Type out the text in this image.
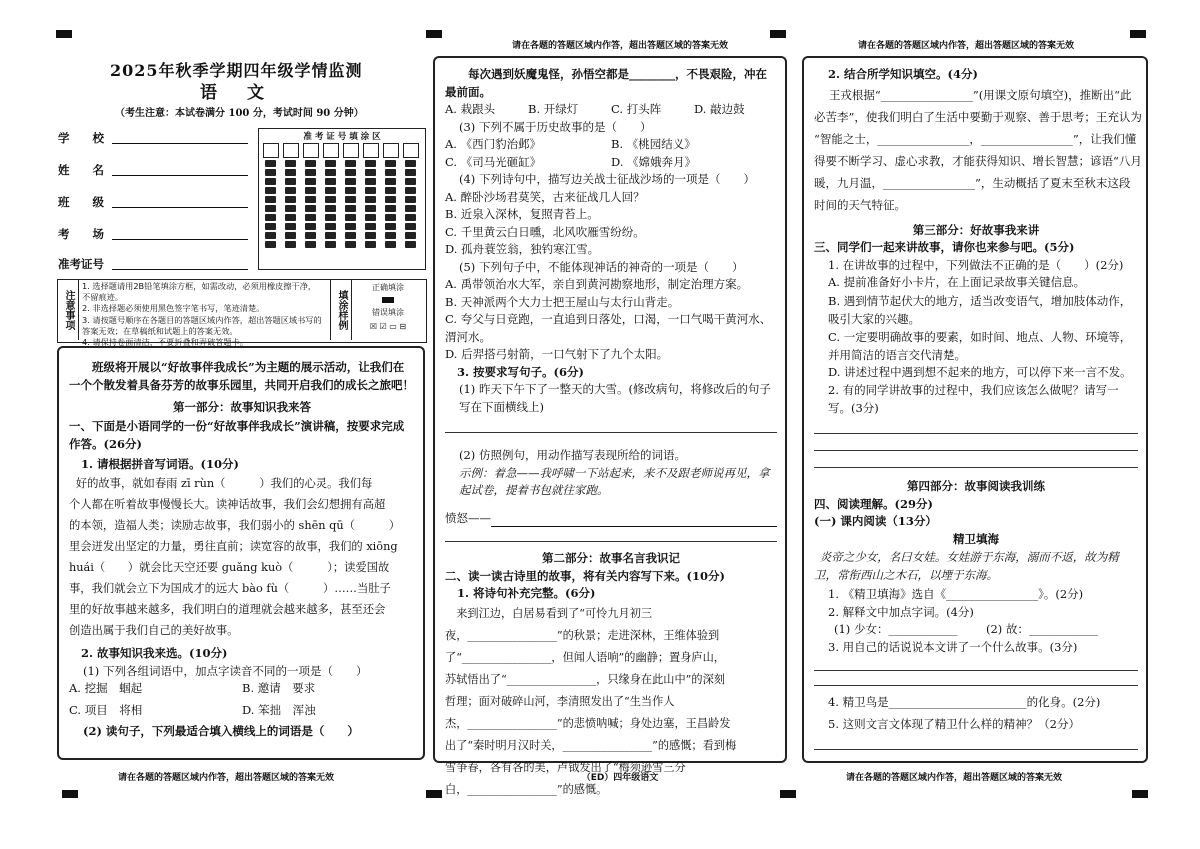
请在各题的答题区域内作答，超出答题区域的答案无效	请在各题的答题区域内作答，超出答题区域的答案无效
2025年秋季学期四年级学情监测
语文
（考生注意：本试卷满分 100 分，考试时间 90 分钟）
学　　校
姓　　名
班　　级
考　　场
准考证号
准 考 证 号 填 涂 区
注意事项
1. 选择题请用2B铅笔填涂方框，如需改动，必须用橡皮擦干净，不留痕迹。
2. 非选择题必须使用黑色签字笔书写，笔迹清楚。
3. 请按题号顺序在各题目的答题区域内作答，超出答题区域书写的答案无效；在草稿纸和试题上的答案无效。
4. 请保持卷面清洁，不要折叠和弄破答题卡。
填涂样例
正确填涂
错误填涂
☒ ☑ ▭ ⊟

班级将开展以“好故事伴我成长”为主题的展示活动，让我们在一个个散发着具备芬芳的故事乐园里，共同开启我们的成长之旅吧！

第一部分：故事知识我来答

一、下面是小语同学的一份“好故事伴我成长”演讲稿，按要求完成作答。(26分)

1. 请根据拼音写词语。(10分)

好的故事，就如春雨 zī rùn（　　　）我们的心灵。我们每

个人都在听着故事慢慢长大。读神话故事，我们会幻想拥有高超

的本领，造福人类；读励志故事，我们弱小的 shēn qū（　　　）

里会迸发出坚定的力量，勇往直前；读宽容的故事，我们的 xiōng

huái（　　）就会比天空还要 guǎng kuò（　　　）；读爱国故

事，我们就会立下为国成才的远大 bào fù（　　　）……当肚子

里的好故事越来越多，我们明白的道理就会越来越多，甚至还会

创造出属于我们自己的美好故事。

2. 故事知识我来选。(10分)

(1) 下列各组词语中，加点字读音不同的一项是（　　）

A. 挖掘　蝈起	B. 邀请　要求
C. 项目　将相	D. 笨拙　浑浊

(2) 读句子，下列最适合填入横线上的词语是（　　）

请在各题的答题区域内作答，超出答题区域的答案无效

每次遇到妖魔鬼怪，孙悟空都是________，不畏艰险，冲在最前面。

A. 栽跟头	B. 开绿灯	C. 打头阵	D. 敲边鼓

(3) 下列不属于历史故事的是（　　）

A. 《西门豹治邺》	B. 《桃园结义》
C. 《司马光砸缸》	D. 《嫦娥奔月》

(4) 下列诗句中，描写边关战士征战沙场的一项是（　　）

A. 醉卧沙场君莫笑，古来征战几人回？

B. 近泉入深林，复照青苔上。

C. 千里黄云白日曛，北风吹雁雪纷纷。

D. 孤舟蓑笠翁，独钓寒江雪。

(5) 下列句子中，不能体现神话的神奇的一项是（　　）

A. 禹带领治水大军，亲自到黄河勘察地形，制定治理方案。

B. 天神派两个大力士把王屋山与太行山背走。

C. 夸父与日竞跑，一直追到日落处，口渴，一口气喝干黄河水、渭河水。

D. 后羿搭弓射箭，一口气射下了九个太阳。

3. 按要求写句子。(6分)

(1) 昨天下午下了一整天的大雪。(修改病句，将修改后的句子写在下面横线上)

(2) 仿照例句，用动作描写表现所给的词语。

示例：着急——我呼啸一下站起来，来不及跟老师说再见，拿起试卷，提着书包就往家跑。

愤怒——

第二部分：故事名言我识记

二、读一读古诗里的故事，将有关内容写下来。(10分)

1. 将诗句补充完整。(6分)

来到江边，白居易看到了“可怜九月初三

夜，________________”的秋景；走进深林，王维体验到

了“________________，但闻人语响”的幽静；置身庐山，

苏轼悟出了“________________，只缘身在此山中”的深刻

哲理；面对破碎山河，李清照发出了“生当作人

杰，________________”的悲愤呐喊；身处边塞，王昌龄发

出了“秦时明月汉时关，________________”的感慨；看到梅

雪争春，各有各的美，卢钺发出了“梅须逊雪三分

白，________________”的感慨。

（ED）四年级语文

2. 结合所学知识填空。(4分)

王戎根据“________________”(用课文原句填空)，推断出“此

必苦李”，使我们明白了生活中要勤于观察、善于思考；王充认为

“智能之士，________________，________________”，让我们懂

得要不断学习、虚心求教，才能获得知识、增长智慧；谚语“八月

暖，九月温，________________”，生动概括了夏末至秋末这段

时间的天气特征。

第三部分：好故事我来讲

三、同学们一起来讲故事，请你也来参与吧。(5分)

1. 在讲故事的过程中，下列做法不正确的是（　　）(2分)

A. 提前准备好小卡片，在上面记录故事关键信息。

B. 遇到情节起伏大的地方，适当改变语气，增加肢体动作，吸引大家的兴趣。

C. 一定要明确故事的要素，如时间、地点、人物、环境等，并用简洁的语言交代清楚。

D. 讲述过程中遇到想不起来的地方，可以停下来一言不发。

2. 有的同学讲故事的过程中，我们应该怎么做呢？请写一写。(3分)

第四部分：故事阅读我训练

四、阅读理解。(29分)

(一) 课内阅读（13分）

精卫填海

炎帝之少女，名曰女娃。女娃游于东海，溺而不返，故为精卫，常衔西山之木石，以堙于东海。

1. 《精卫填海》选自《________________》。(2分)

2. 解释文中加点字词。(4分)

(1) 少女：____________	(2) 故：____________

3. 用自己的话说说本文讲了一个什么故事。(3分)

4. 精卫鸟是________________________的化身。(2分)

5. 这则文言文体现了精卫什么样的精神？（2分）

请在各题的答题区域内作答，超出答题区域的答案无效
